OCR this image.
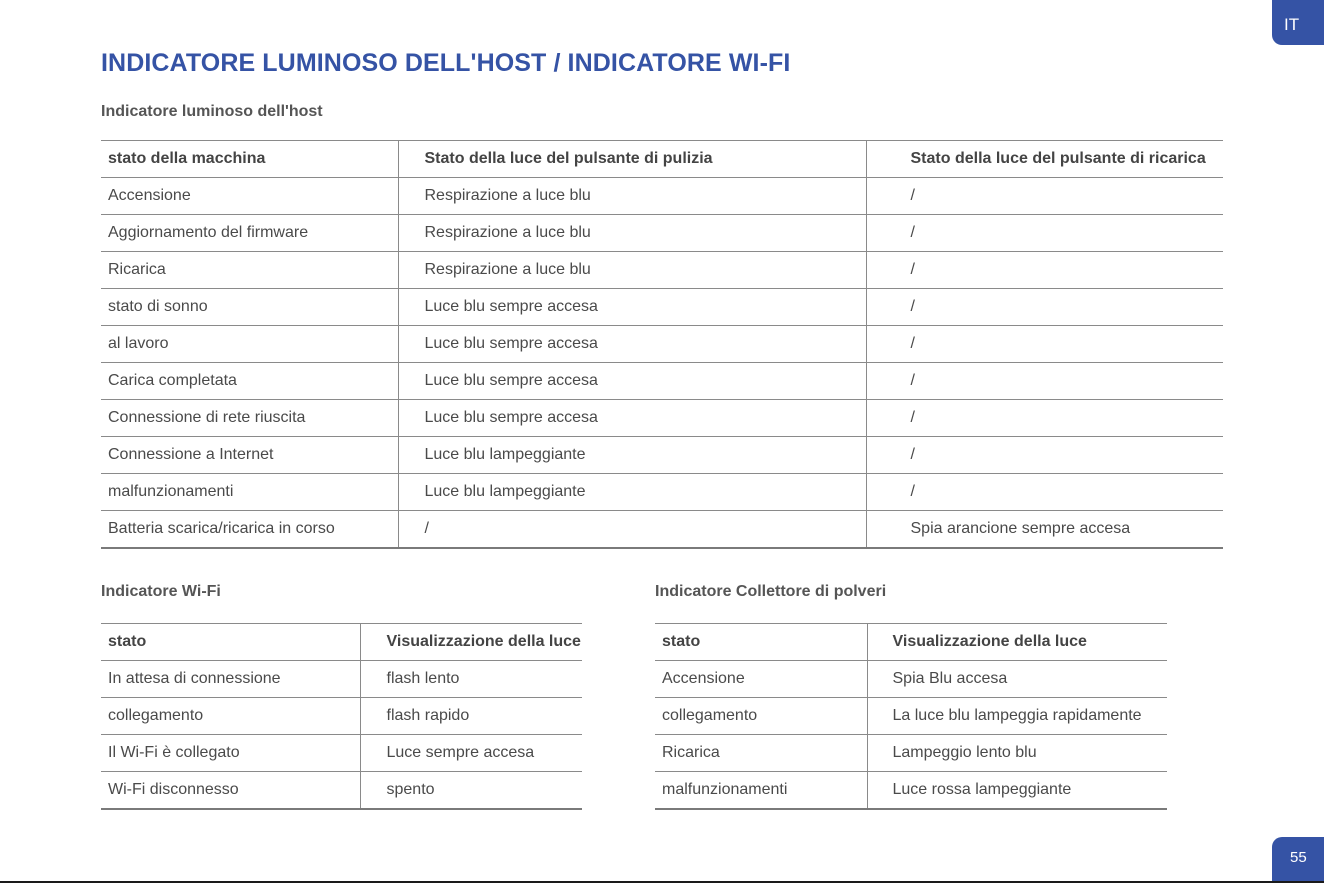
IT
INDICATORE LUMINOSO DELL'HOST / INDICATORE WI-FI
Indicatore luminoso dell'host
stato della macchina	Stato della luce del pulsante di pulizia	Stato della luce del pulsante di ricarica
Accensione	Respirazione a luce blu	/
Aggiornamento del firmware	Respirazione a luce blu	/
Ricarica	Respirazione a luce blu	/
stato di sonno	Luce blu sempre accesa	/
al lavoro	Luce blu sempre accesa	/
Carica completata	Luce blu sempre accesa	/
Connessione di rete riuscita	Luce blu sempre accesa	/
Connessione a Internet	Luce blu lampeggiante	/
malfunzionamenti	Luce blu lampeggiante	/
Batteria scarica/ricarica in corso	/	Spia arancione sempre accesa
Indicatore Wi-Fi
stato	Visualizzazione della luce
In attesa di connessione	flash lento
collegamento	flash rapido
Il Wi-Fi è collegato	Luce sempre accesa
Wi-Fi disconnesso	spento
Indicatore Collettore di polveri
stato	Visualizzazione della luce
Accensione	Spia Blu accesa
collegamento	La luce blu lampeggia rapidamente
Ricarica	Lampeggio lento blu
malfunzionamenti	Luce rossa lampeggiante
55
